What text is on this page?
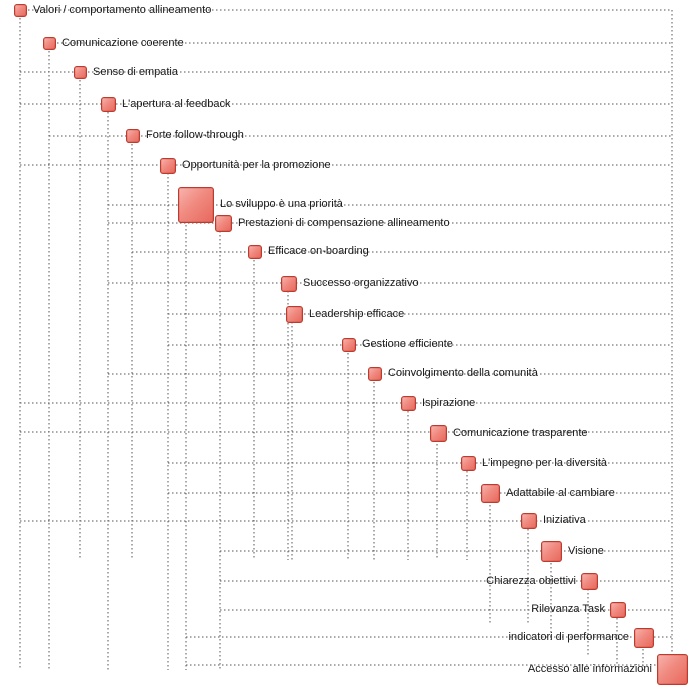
Valori / comportamento allineamento
Comunicazione coerente
Senso di empatia
L'apertura al feedback
Forte follow-through
Opportunità per la promozione
Lo sviluppo è una priorità
Prestazioni di compensazione allineamento
Efficace on-boarding
Successo organizzativo
Leadership efficace
Gestione efficiente
Coinvolgimento della comunità
Ispirazione
Comunicazione trasparente
L'impegno per la diversità
Adattabile al cambiare
Iniziativa
Visione
Chiarezza obiettivi
Rilevanza Task
indicatori di performance
Accesso alle informazioni
